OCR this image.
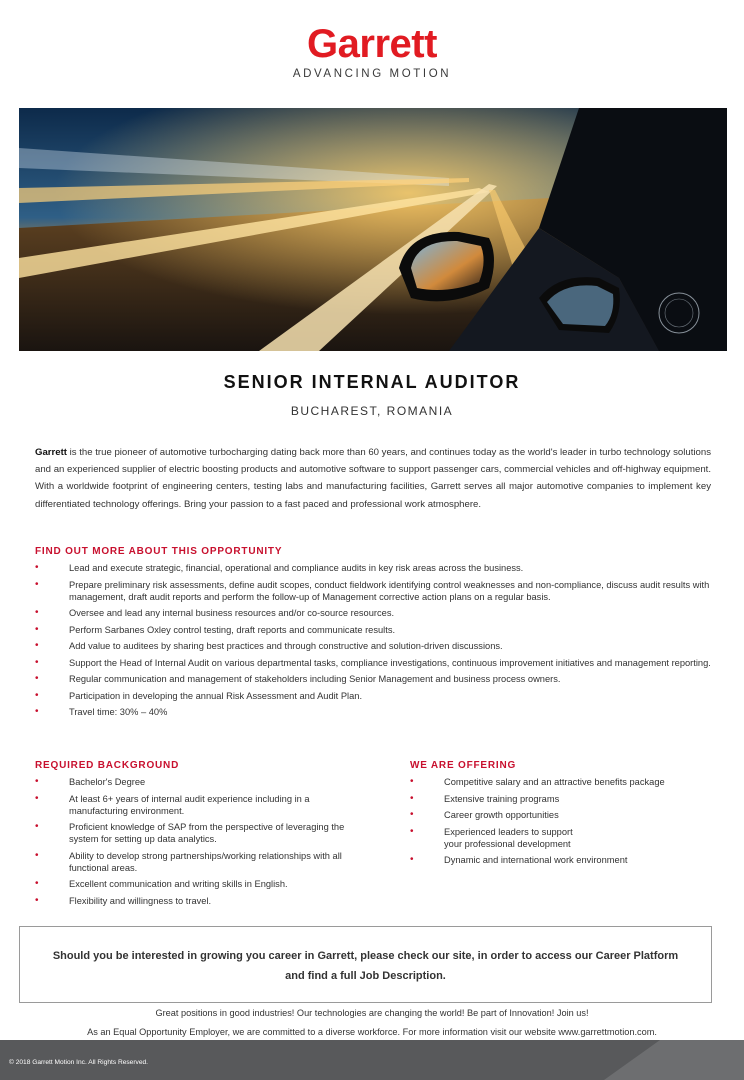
Garrett
ADVANCING MOTION
SENIOR INTERNAL AUDITOR
BUCHAREST, ROMANIA

Garrett is the true pioneer of automotive turbocharging dating back more than 60 years, and continues today as the world's leader in turbo technology solutions and an experienced supplier of electric boosting products and automotive software to support passenger cars, commercial vehicles and off-highway equipment. With a worldwide footprint of engineering centers, testing labs and manufacturing facilities, Garrett serves all major automotive companies to implement key differentiated technology offerings. Bring your passion to a fast paced and professional work atmosphere.

FIND OUT MORE ABOUT THIS OPPORTUNITY
•	Lead and execute strategic, financial, operational and compliance audits in key risk areas across the business.
•	Prepare preliminary risk assessments, define audit scopes, conduct fieldwork identifying control weaknesses and non-compliance, discuss audit results with management, draft audit reports and perform the follow-up of Management corrective action plans on a regular basis.
•	Oversee and lead any internal business resources and/or co-source resources.
•	Perform Sarbanes Oxley control testing, draft reports and communicate results.
•	Add value to auditees by sharing best practices and through constructive and solution-driven discussions.
•	Support the Head of Internal Audit on various departmental tasks, compliance investigations, continuous improvement initiatives and management reporting.
•	Regular communication and management of stakeholders including Senior Management and business process owners.
•	Participation in developing the annual Risk Assessment and Audit Plan.
•	Travel time: 30% – 40%
REQUIRED BACKGROUND
•	Bachelor's Degree
•	At least 6+ years of internal audit experience including in a manufacturing environment.
•	Proficient knowledge of SAP from the perspective of leveraging the system for setting up data analytics.
•	Ability to develop strong partnerships/working relationships with all functional areas.
•	Excellent communication and writing skills in English.
•	Flexibility and willingness to travel.
WE ARE OFFERING
•	Competitive salary and an attractive benefits package
•	Extensive training programs
•	Career growth opportunities
•	Experienced leaders to support your professional development
•	Dynamic and international work environment
Should you be interested in growing you career in Garrett, please check our site, in order to access our Career Platform and find a full Job Description.
Great positions in good industries! Our technologies are changing the world! Be part of Innovation! Join us!
As an Equal Opportunity Employer, we are committed to a diverse workforce. For more information visit our website www.garrettmotion.com.
© 2018 Garrett Motion Inc. All Rights Reserved.
